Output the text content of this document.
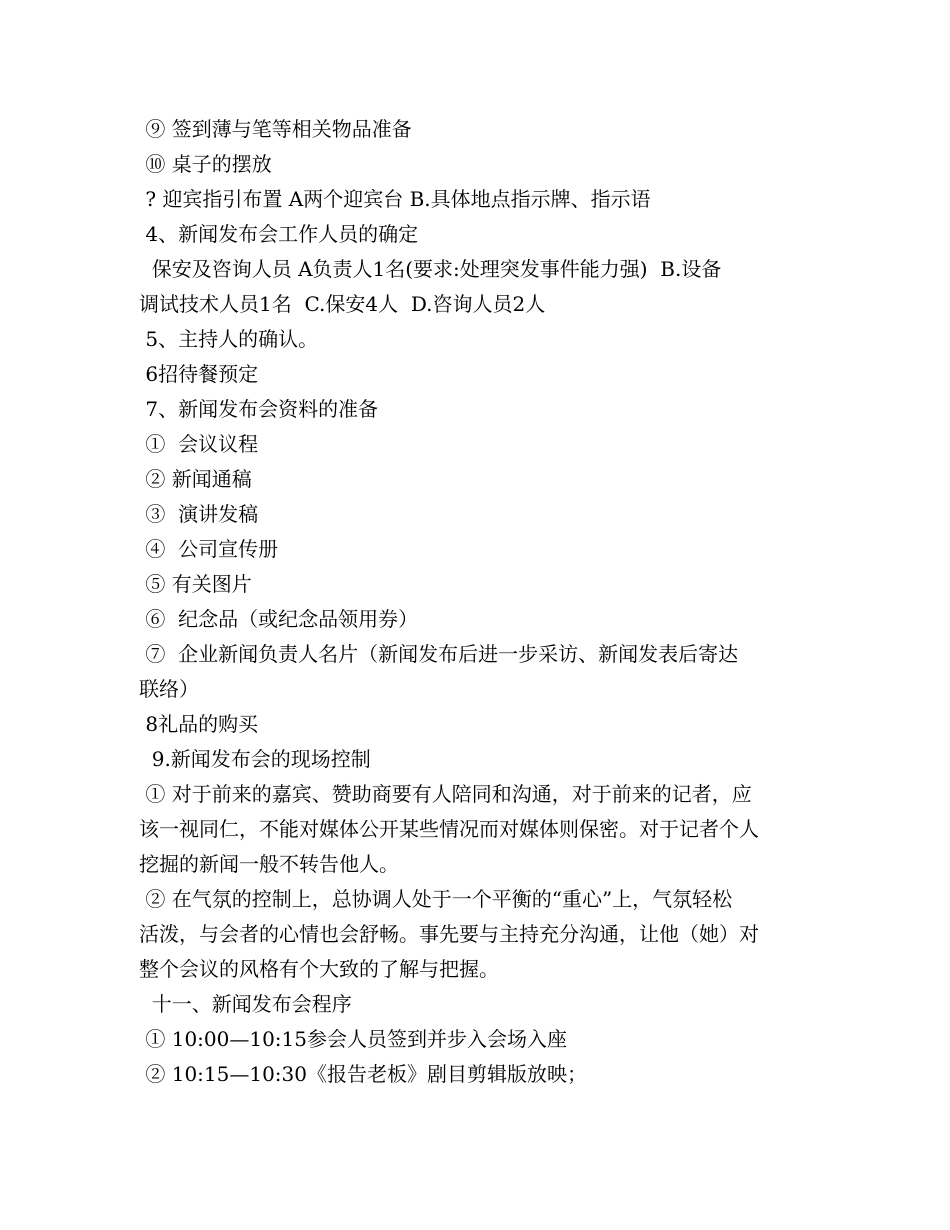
⑨ 签到薄与笔等相关物品准备
⑩ 桌子的摆放
? 迎宾指引布置 A两个迎宾台 B.具体地点指示牌、指示语
4、新闻发布会工作人员的确定
保安及咨询人员 A负责人1名(要求:处理突发事件能力强)  B.设备
调试技术人员1名  C.保安4人  D.咨询人员2人
5、主持人的确认。
6招待餐预定
7、新闻发布会资料的准备
①  会议议程
② 新闻通稿
③  演讲发稿
④  公司宣传册
⑤ 有关图片
⑥  纪念品（或纪念品领用券）
⑦  企业新闻负责人名片（新闻发布后进一步采访、新闻发表后寄达
联络）
8礼品的购买
9.新闻发布会的现场控制
① 对于前来的嘉宾、赞助商要有人陪同和沟通，对于前来的记者，应
该一视同仁，不能对媒体公开某些情况而对媒体则保密。对于记者个人
挖掘的新闻一般不转告他人。
② 在气氛的控制上，总协调人处于一个平衡的“重心”上，气氛轻松
活泼，与会者的心情也会舒畅。事先要与主持充分沟通，让他（她）对
整个会议的风格有个大致的了解与把握。
十一、新闻发布会程序
① 10:00—10:15参会人员签到并步入会场入座
② 10:15—10:30《报告老板》剧目剪辑版放映；
